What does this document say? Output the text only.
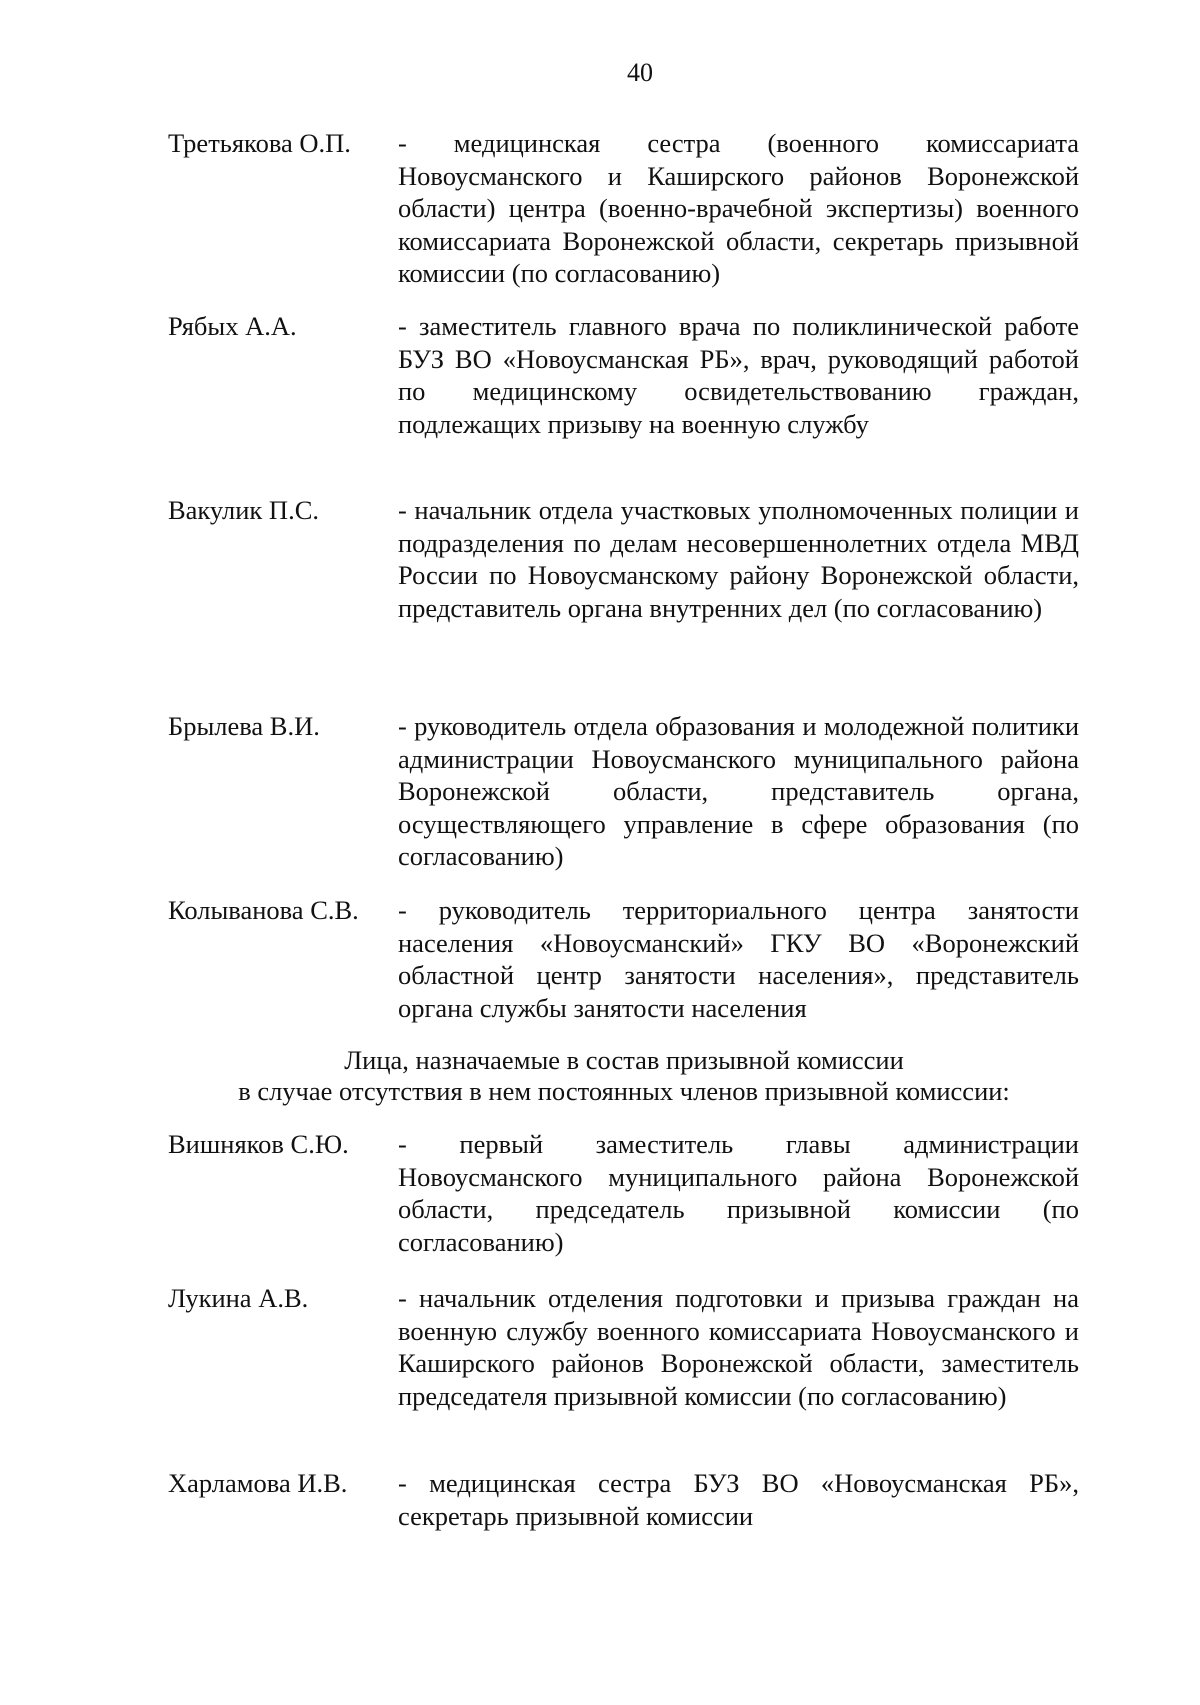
40
Третьякова О.П. - медицинская сестра (военного комиссариата Новоусманского и Каширского районов Воронежской области) центра (военно-врачебной экспертизы) военного комиссариата Воронежской области, секретарь призывной комиссии (по согласованию)
Рябых А.А.	- заместитель главного врача по поликлинической работе БУЗ ВО «Новоусманская РБ», врач, руководящий работой по медицинскому освидетельствованию граждан, подлежащих призыву на военную службу
Вакулик П.С.	- начальник отдела участковых уполномоченных полиции и подразделения по делам несовершеннолетних отдела МВД России по Новоусманскому району Воронежской области, представитель органа внутренних дел (по согласованию)
Брылева В.И.	- руководитель отдела образования и молодежной политики администрации Новоусманского муниципального района Воронежской области, представитель органа, осуществляющего управление в сфере образования (по согласованию)
Колыванова С.В. - руководитель территориального центра занятости населения «Новоусманский» ГКУ ВО «Воронежский областной центр занятости населения», представитель органа службы занятости населения
Лица, назначаемые в состав призывной комиссии
в случае отсутствия в нем постоянных членов призывной комиссии:
Вишняков С.Ю. - первый заместитель главы администрации Новоусманского муниципального района Воронежской области, председатель призывной комиссии (по согласованию)
Лукина А.В.	- начальник отделения подготовки и призыва граждан на военную службу военного комиссариата Новоусманского и Каширского районов Воронежской области, заместитель председателя призывной комиссии (по согласованию)
Харламова И.В. - медицинская сестра БУЗ ВО «Новоусманская РБ», секретарь призывной комиссии
